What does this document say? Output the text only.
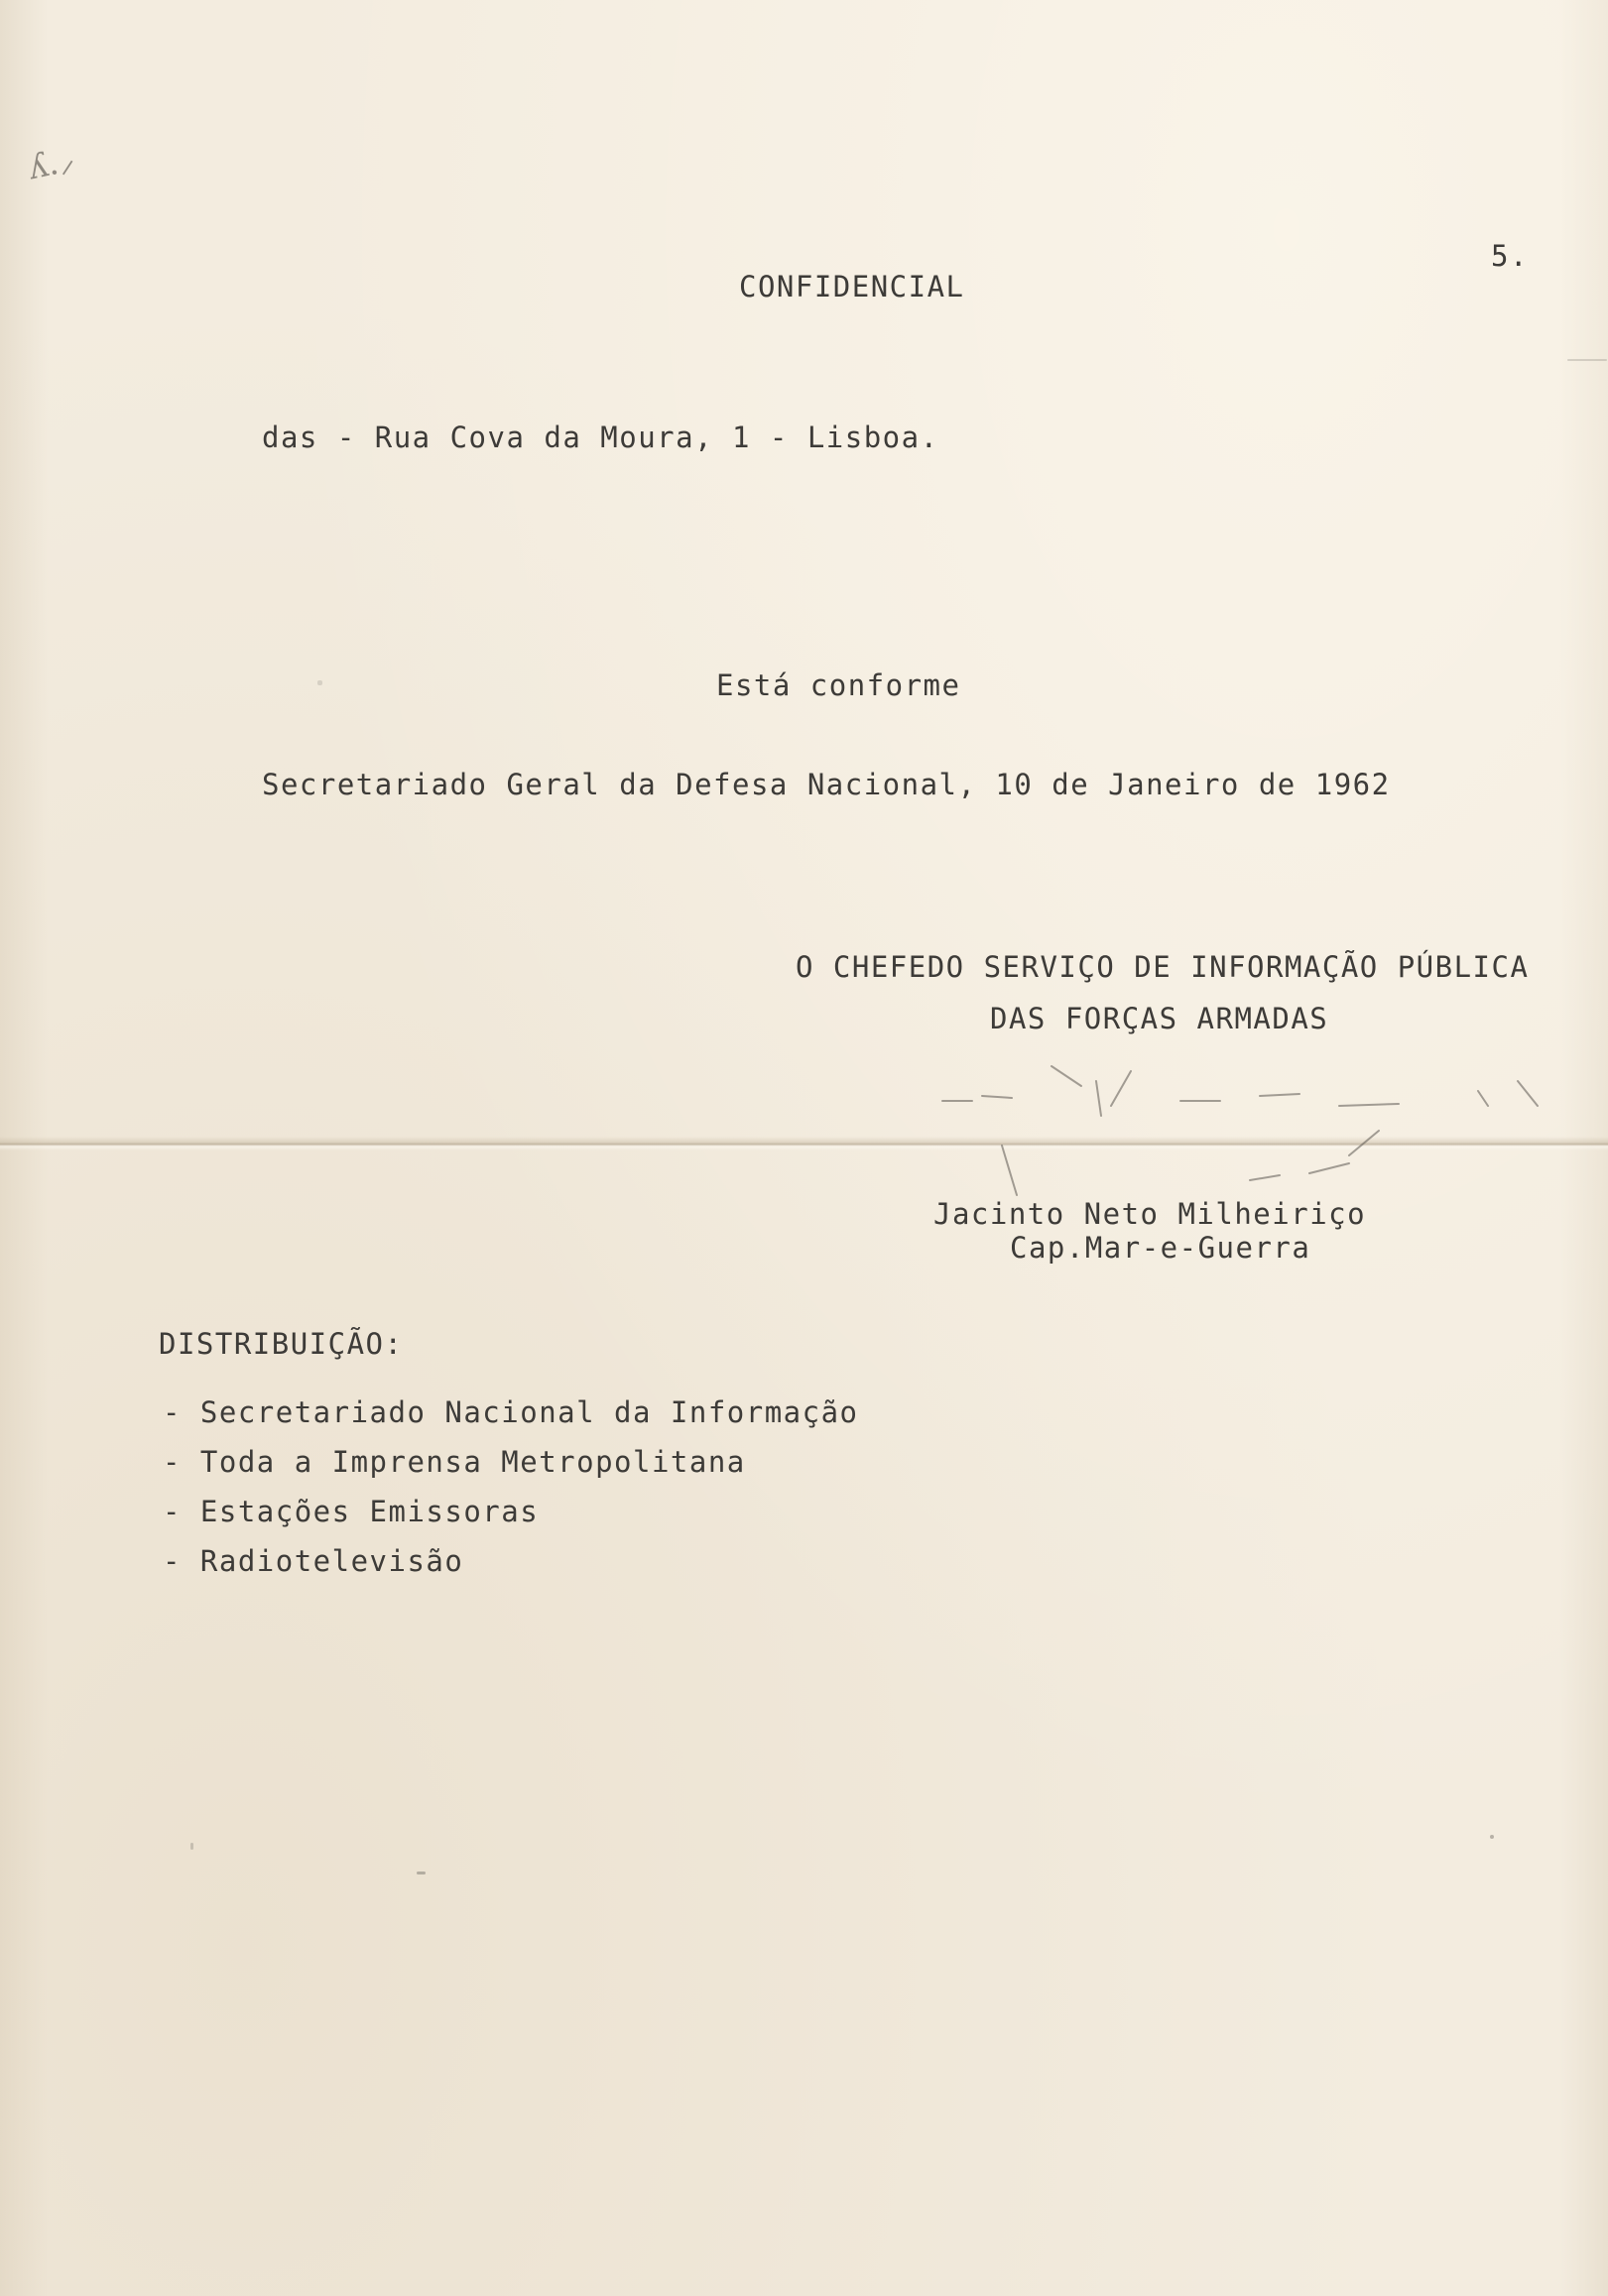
ʎ.⸝
5.
CONFIDENCIAL
das - Rua Cova da Moura, 1 - Lisboa.
Está conforme
Secretariado Geral da Defesa Nacional, 10 de Janeiro de 1962
O CHEFEDO SERVIÇO DE INFORMAÇÃO PÚBLICA
DAS FORÇAS ARMADAS
Jacinto Neto Milheiriço
Cap.Mar-e-Guerra
DISTRIBUIÇÃO:
- Secretariado Nacional da Informação
- Toda a Imprensa Metropolitana
- Estações Emissoras
- Radiotelevisão
